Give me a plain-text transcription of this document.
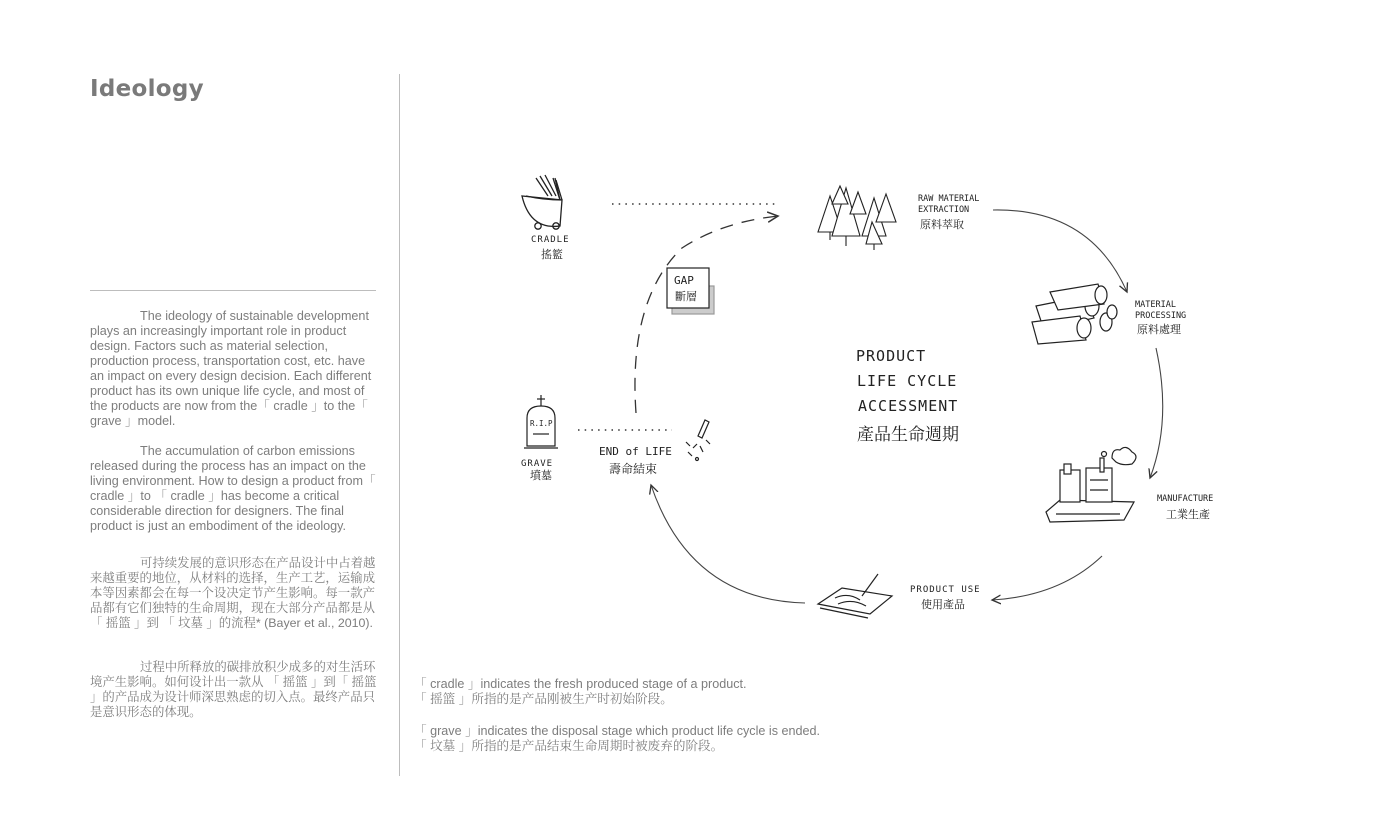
Ideology

The ideology of sustainable development plays an increasingly important role in product design. Factors such as material selection, production process, transportation cost, etc. have an impact on every design decision. Each different product has its own unique life cycle, and most of the products are now from the「 cradle 」to the「 grave 」model.

The accumulation of carbon emissions released during the process has an impact on the living environment. How to design a product from「 cradle 」to 「 cradle 」has become a critical considerable direction for designers. The final product is just an embodiment of the ideology.

可持续发展的意识形态在产品设计中占着越来越重要的地位，从材料的选择，生产工艺，运输成本等因素都会在每一个设决定节产生影响。每一款产品都有它们独特的生命周期，现在大部分产品都是从 「 摇篮 」到 「 坟墓 」的流程* (Bayer et al., 2010).

过程中所释放的碳排放积少成多的对生活环境产生影响。如何设计出一款从 「 摇篮 」到「 摇篮 」的产品成为设计师深思熟虑的切入点。最终产品只是意识形态的体现。

「 cradle 」indicates the fresh produced stage of a product.
「 摇篮 」所指的是产品刚被生产时初始阶段。
「 grave 」indicates the disposal stage which product life cycle is ended.
「 坟墓 」所指的是产品结束生命周期时被废弃的阶段。
CRADLE
搖籃
RAW MATERIAL
EXTRACTION
原料萃取
MATERIAL
PROCESSING
原料處理
MANUFACTURE
工業生產
PRODUCT USE
使用產品
GAP
斷層
R.I.P
GRAVE
墳墓
END of LIFE
壽命結束
PRODUCT
LIFE CYCLE
ACCESSMENT
產品生命週期
